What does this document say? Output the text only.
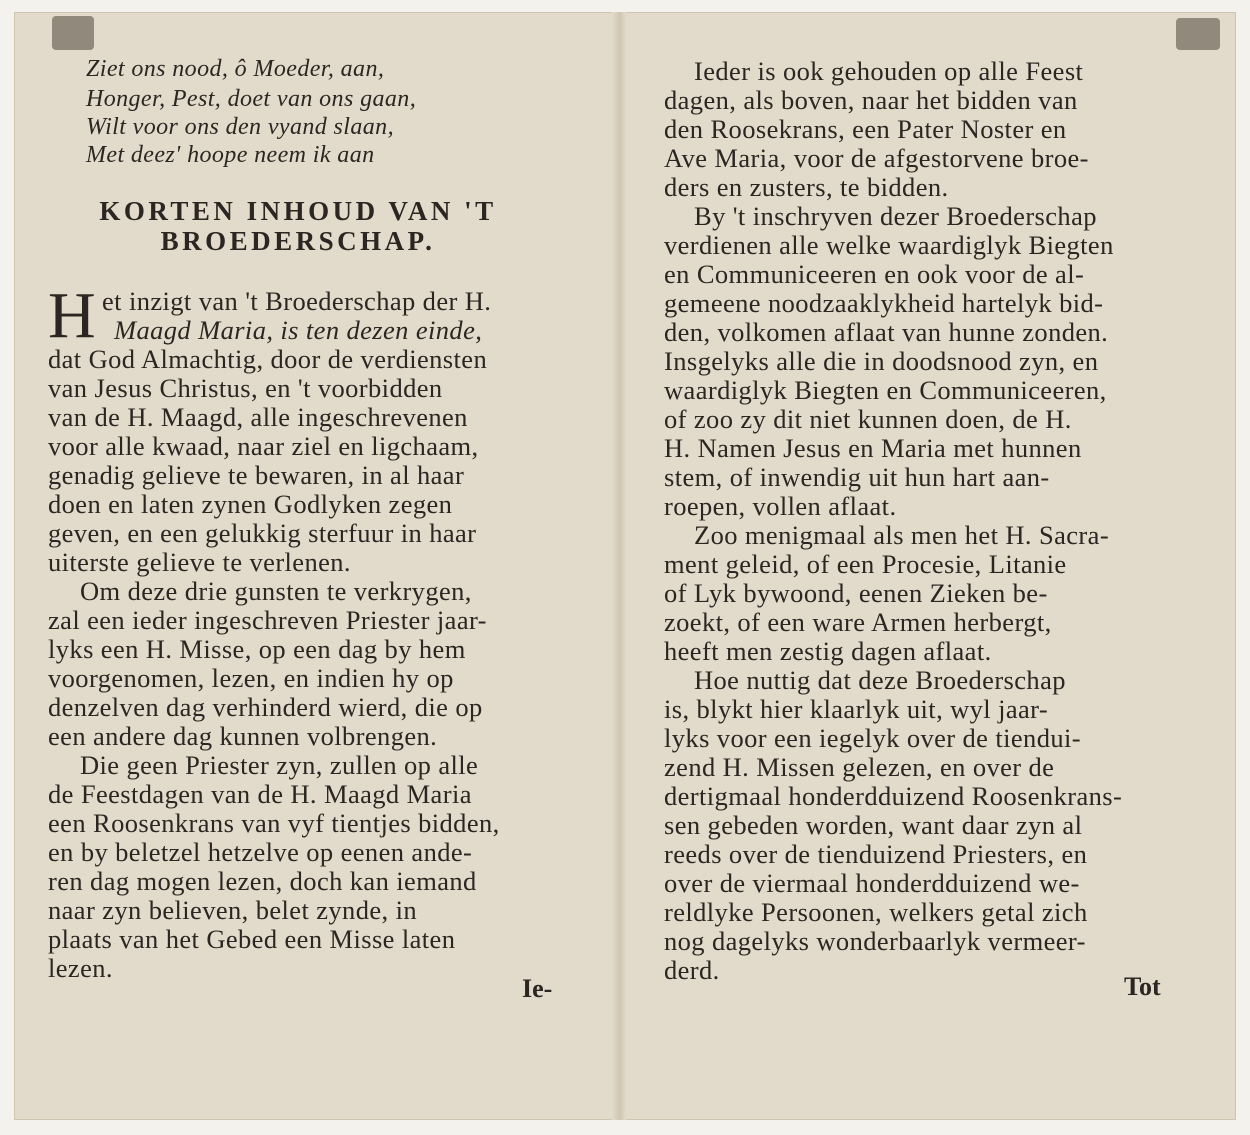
Ziet ons nood, ô Moeder, aan,
Honger, Pest, doet van ons gaan,
Wilt voor ons den vyand slaan,
Met deez' hoope neem ik aan
KORTEN INHOUD VAN 'T
BROEDERSCHAP.
H et inzigt van 't Broederschap der H.
Maagd Maria, is ten dezen einde,
dat God Almachtig, door de verdiensten
van Jesus Christus, en 't voorbidden
van de H. Maagd, alle ingeschrevenen
voor alle kwaad, naar ziel en ligchaam,
genadig gelieve te bewaren, in al haar
doen en laten zynen Godlyken zegen
geven, en een gelukkig sterfuur in haar
uiterste gelieve te verlenen.
Om deze drie gunsten te verkrygen,
zal een ieder ingeschreven Priester jaar-
lyks een H. Misse, op een dag by hem
voorgenomen, lezen, en indien hy op
denzelven dag verhinderd wierd, die op
een andere dag kunnen volbrengen.
Die geen Priester zyn, zullen op alle
de Feestdagen van de H. Maagd Maria
een Roosenkrans van vyf tientjes bidden,
en by beletzel hetzelve op eenen ande-
ren dag mogen lezen, doch kan iemand
naar zyn believen, belet zynde, in
plaats van het Gebed een Misse laten
lezen.
Ie-
Ieder is ook gehouden op alle Feest
dagen, als boven, naar het bidden van
den Roosekrans, een Pater Noster en
Ave Maria, voor de afgestorvene broe-
ders en zusters, te bidden.
By 't inschryven dezer Broederschap
verdienen alle welke waardiglyk Biegten
en Communiceeren en ook voor de al-
gemeene noodzaaklykheid hartelyk bid-
den, volkomen aflaat van hunne zonden.
Insgelyks alle die in doodsnood zyn, en
waardiglyk Biegten en Communiceeren,
of zoo zy dit niet kunnen doen, de H.
H. Namen Jesus en Maria met hunnen
stem, of inwendig uit hun hart aan-
roepen, vollen aflaat.
Zoo menigmaal als men het H. Sacra-
ment geleid, of een Procesie, Litanie
of Lyk bywoond, eenen Zieken be-
zoekt, of een ware Armen herbergt,
heeft men zestig dagen aflaat.
Hoe nuttig dat deze Broederschap
is, blykt hier klaarlyk uit, wyl jaar-
lyks voor een iegelyk over de tiendui-
zend H. Missen gelezen, en over de
dertigmaal honderdduizend Roosenkrans-
sen gebeden worden, want daar zyn al
reeds over de tienduizend Priesters, en
over de viermaal honderdduizend we-
reldlyke Persoonen, welkers getal zich
nog dagelyks wonderbaarlyk vermeer-
derd.
Tot
